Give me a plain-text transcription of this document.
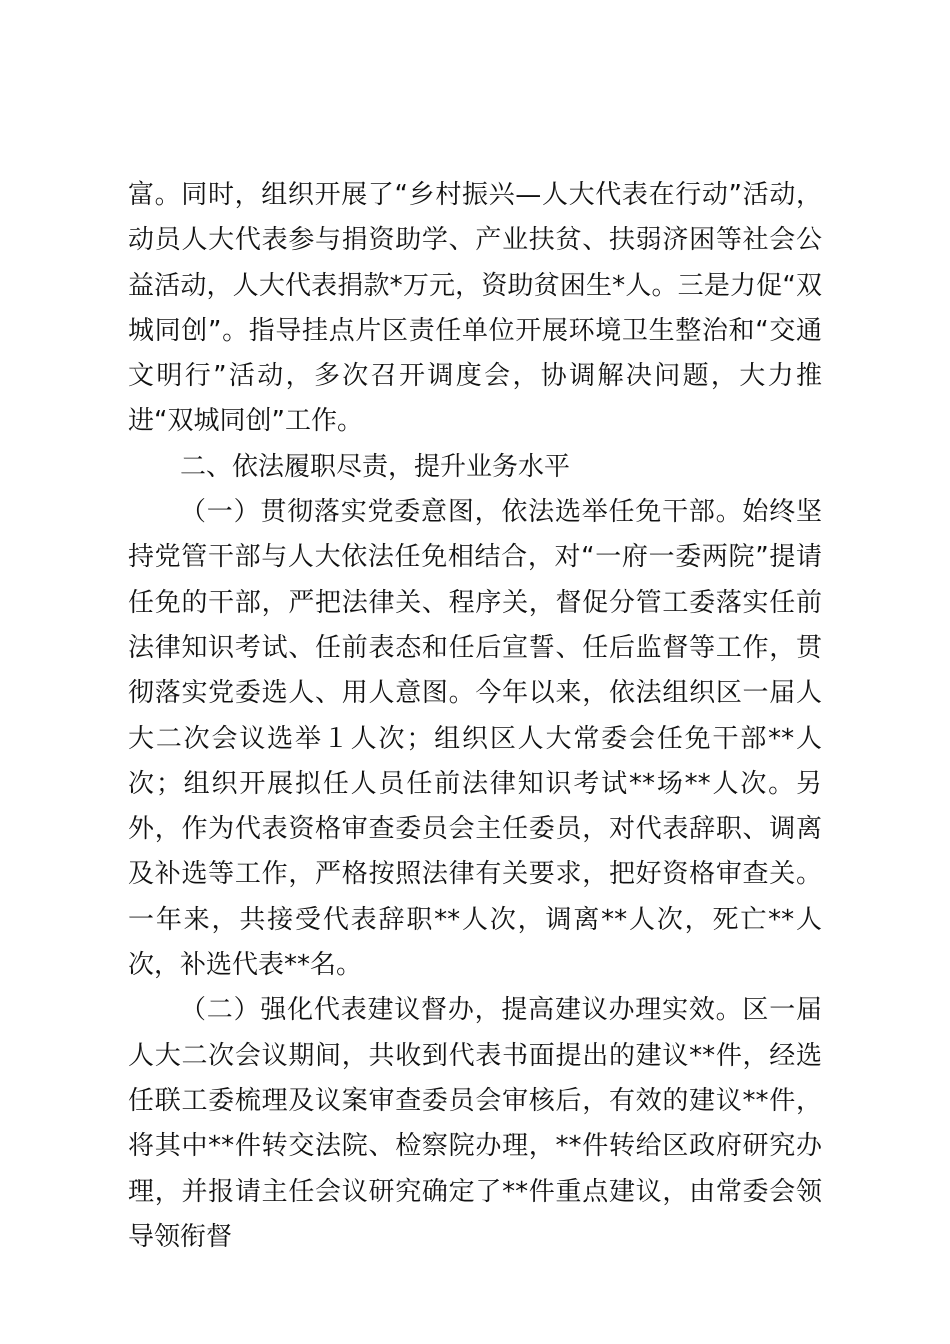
富。同时，组织开展了“乡村振兴—人大代表在行动”活动，动员人大代表参与捐资助学、产业扶贫、扶弱济困等社会公益活动，人大代表捐款*万元，资助贫困生*人。三是力促“双城同创”。指导挂点片区责任单位开展环境卫生整治和“交通文明行”活动，多次召开调度会，协调解决问题，大力推进“双城同创”工作。

二、依法履职尽责，提升业务水平

（一）贯彻落实党委意图，依法选举任免干部。始终坚持党管干部与人大依法任免相结合，对“一府一委两院”提请任免的干部，严把法律关、程序关，督促分管工委落实任前法律知识考试、任前表态和任后宣誓、任后监督等工作，贯彻落实党委选人、用人意图。今年以来，依法组织区一届人大二次会议选举１人次；组织区人大常委会任免干部**人次；组织开展拟任人员任前法律知识考试**场**人次。另外，作为代表资格审查委员会主任委员，对代表辞职、调离及补选等工作，严格按照法律有关要求，把好资格审查关。一年来，共接受代表辞职**人次，调离**人次，死亡**人次，补选代表**名。

（二）强化代表建议督办，提高建议办理实效。区一届人大二次会议期间，共收到代表书面提出的建议**件，经选任联工委梳理及议案审查委员会审核后，有效的建议**件，将其中**件转交法院、检察院办理，**件转给区政府研究办理，并报请主任会议研究确定了**件重点建议，由常委会领导领衔督
